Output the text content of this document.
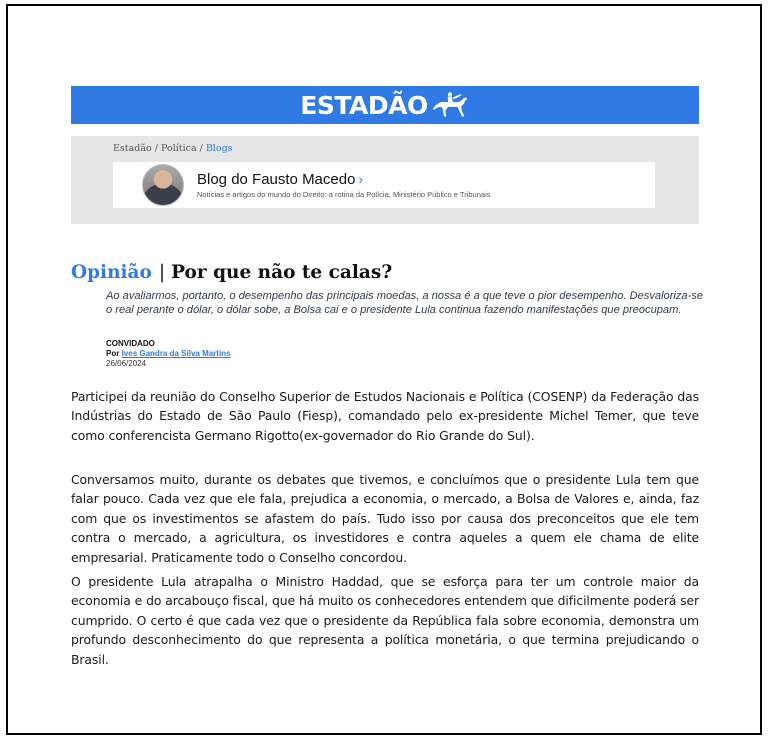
ESTADÃO
Estadão / Política / Blogs
Blog do Fausto Macedo ›
Notícias e artigos do mundo do Direito: a rotina da Polícia, Ministério Público e Tribunais
Opinião | Por que não te calas?

Ao avaliarmos, portanto, o desempenho das principais moedas, a nossa é a que teve o pior desempenho. Desvaloriza-se o real perante o dólar, o dólar sobe, a Bolsa cai e o presidente Lula continua fazendo manifestações que preocupam.

CONVIDADO
Por Ives Gandra da Silva Martins
26/06/2024

Participei da reunião do Conselho Superior de Estudos Nacionais e Política (COSENP) da Federação das Indústrias do Estado de São Paulo (Fiesp), comandado pelo ex-presidente Michel Temer, que teve como conferencista Germano Rigotto(ex-governador do Rio Grande do Sul).

Conversamos muito, durante os debates que tivemos, e concluímos que o presidente Lula tem que falar pouco. Cada vez que ele fala, prejudica a economia, o mercado, a Bolsa de Valores e, ainda, faz com que os investimentos se afastem do país. Tudo isso por causa dos preconceitos que ele tem contra o mercado, a agricultura, os investidores e contra aqueles a quem ele chama de elite empresarial. Praticamente todo o Conselho concordou.

O presidente Lula atrapalha o Ministro Haddad, que se esforça para ter um controle maior da economia e do arcabouço fiscal, que há muito os conhecedores entendem que dificilmente poderá ser cumprido. O certo é que cada vez que o presidente da República fala sobre economia, demonstra um profundo desconhecimento do que representa a política monetária, o que termina prejudicando o Brasil.
